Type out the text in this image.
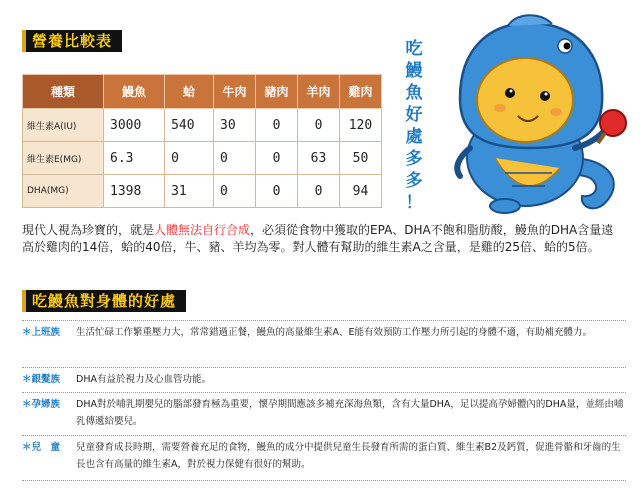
營養比較表
種類	鰻魚	蛤	牛肉	豬肉	羊肉	雞肉
維生素A(IU)	3000	540	30	0	0	120
維生素E(MG)	6.3	0	0	0	63	50
DHA(MG)	1398	31	0	0	0	94
吃
鰻
魚
好
處
多
多
！

現代人視為珍寶的，就是人體無法自行合成，必須從食物中獲取的EPA、DHA不飽和脂肪酸，鰻魚的DHA含量遠高於雞肉的14倍，蛤的40倍，牛、豬、羊均為零。對人體有幫助的維生素A之含量，是雞的25倍、蛤的5倍。

吃鰻魚對身體的好處
＊上班族	生活忙碌工作繁重壓力大，常常錯過正餐，鰻魚的高量維生素A、E能有效預防工作壓力所引起的身體不適，有助補充體力。
＊銀髮族	DHA有益於視力及心血管功能。
＊孕婦族	DHA對於哺乳期嬰兒的腦部發育極為重要，懷孕期間應該多補充深海魚類，含有大量DHA，足以提高孕婦體內的DHA量，並經由哺乳傳遞給嬰兒。
＊兒　童	兒童發育成長時期，需要營養充足的食物，鰻魚的成分中提供兒童生長發育所需的蛋白質、維生素B2及鈣質，促進骨骼和牙齒的生長也含有高量的維生素A，對於視力保健有很好的幫助。
